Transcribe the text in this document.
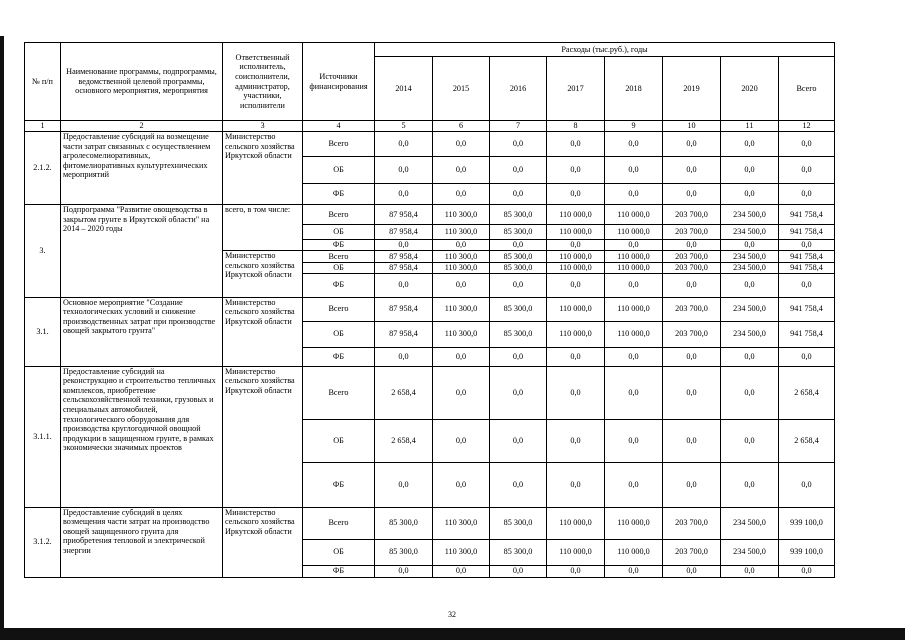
№ п/п	Наименование программы, подпрограммы, ведомственной целевой программы, основного мероприятия, мероприятия	Ответственный исполнитель, соисполнители, администратор, участники, исполнители	Источники финансирования	Расходы (тыс.руб.), годы							
				2014	2015	2016	2017	2018	2019	2020	Всего
1	2	3	4	5	6	7	8	9	10	11	12
2.1.2.	Предоставление субсидий на возмещение части затрат связанных с осуществлением агролесомелиоративных, фитомелиоративных культуртехнических мероприятий	Министерство сельского хозяйства Иркутской области	Всего	0,0	0,0	0,0	0,0	0,0	0,0	0,0	0,0
			ОБ	0,0	0,0	0,0	0,0	0,0	0,0	0,0	0,0
			ФБ	0,0	0,0	0,0	0,0	0,0	0,0	0,0	0,0
3.	Подпрограмма "Развитие овощеводства в закрытом грунте в Иркутской области" на 2014 – 2020 годы	всего, в том числе:	Всего	87 958,4	110 300,0	85 300,0	110 000,0	110 000,0	203 700,0	234 500,0	941 758,4
			ОБ	87 958,4	110 300,0	85 300,0	110 000,0	110 000,0	203 700,0	234 500,0	941 758,4
			ФБ	0,0	0,0	0,0	0,0	0,0	0,0	0,0	0,0
		Министерство сельского хозяйства Иркутской области	Всего	87 958,4	110 300,0	85 300,0	110 000,0	110 000,0	203 700,0	234 500,0	941 758,4
			ОБ	87 958,4	110 300,0	85 300,0	110 000,0	110 000,0	203 700,0	234 500,0	941 758,4
			ФБ	0,0	0,0	0,0	0,0	0,0	0,0	0,0	0,0
3.1.	Основное мероприятие "Создание технологических условий и снижение производственных затрат при производстве овощей закрытого грунта"	Министерство сельского хозяйства Иркутской области	Всего	87 958,4	110 300,0	85 300,0	110 000,0	110 000,0	203 700,0	234 500,0	941 758,4
			ОБ	87 958,4	110 300,0	85 300,0	110 000,0	110 000,0	203 700,0	234 500,0	941 758,4
			ФБ	0,0	0,0	0,0	0,0	0,0	0,0	0,0	0,0
3.1.1.	Предоставление субсидий на реконструкцию и строительство тепличных комплексов, приобретение сельскохозяйственной техники, грузовых и специальных автомобилей, технологического оборудования для производства круглогодичной овощной продукции в защищенном грунте, в рамках экономически значимых проектов	Министерство сельского хозяйства Иркутской области	Всего	2 658,4	0,0	0,0	0,0	0,0	0,0	0,0	2 658,4
			ОБ	2 658,4	0,0	0,0	0,0	0,0	0,0	0,0	2 658,4
			ФБ	0,0	0,0	0,0	0,0	0,0	0,0	0,0	0,0
3.1.2.	Предоставление субсидий в целях возмещения части затрат на производство овощей защищенного грунта для приобретения тепловой и электрической энергии	Министерство сельского хозяйства Иркутской области	Всего	85 300,0	110 300,0	85 300,0	110 000,0	110 000,0	203 700,0	234 500,0	939 100,0
			ОБ	85 300,0	110 300,0	85 300,0	110 000,0	110 000,0	203 700,0	234 500,0	939 100,0
			ФБ	0,0	0,0	0,0	0,0	0,0	0,0	0,0	0,0
32
